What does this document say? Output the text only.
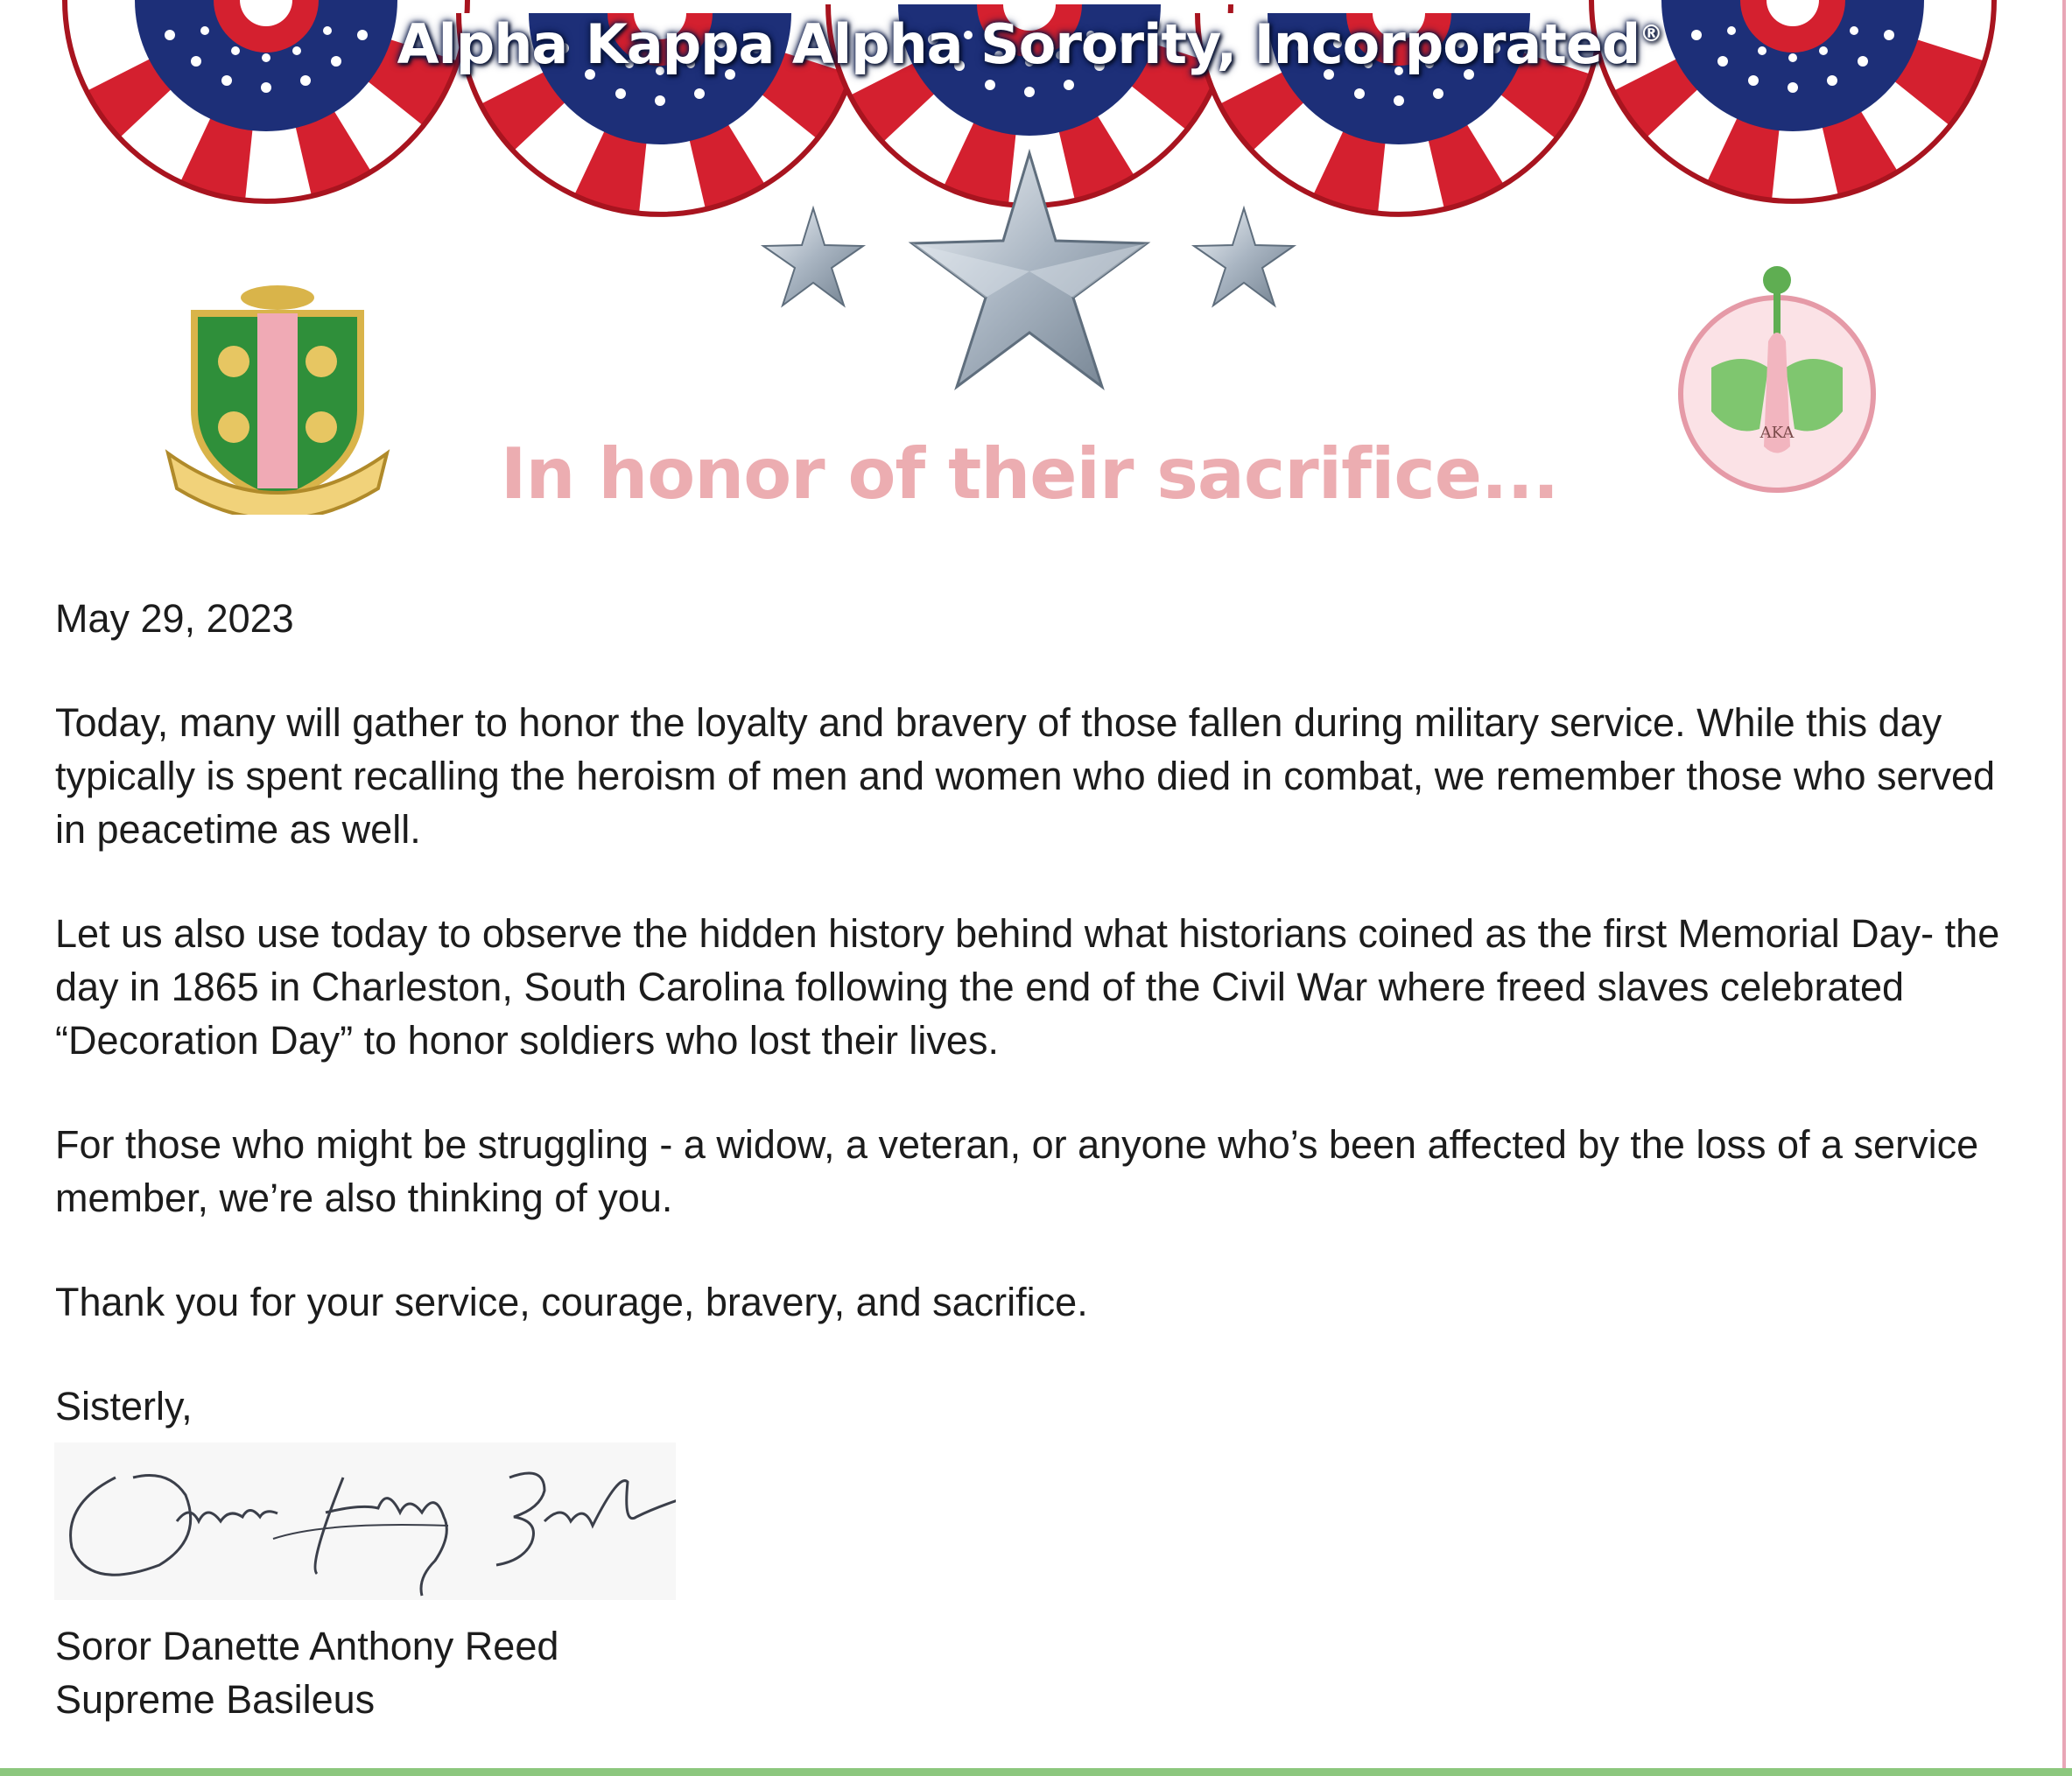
Alpha Kappa Alpha Sorority, Incorporated®
In honor of their sacrifice...
AKA

May 29, 2023

Today, many will gather to honor the loyalty and bravery of those fallen during military service. While this day typically is spent recalling the heroism of men and women who died in combat, we remember those who served in peacetime as well.

Let us also use today to observe the hidden history behind what historians coined as the first Memorial Day- the day in 1865 in Charleston, South Carolina following the end of the Civil War where freed slaves celebrated “Decoration Day” to honor soldiers who lost their lives.

For those who might be struggling - a widow, a veteran, or anyone who’s been affected by the loss of a service member, we’re also thinking of you.

Thank you for your service, courage, bravery, and sacrifice.

Sisterly,

Soror Danette Anthony Reed
Supreme Basileus
